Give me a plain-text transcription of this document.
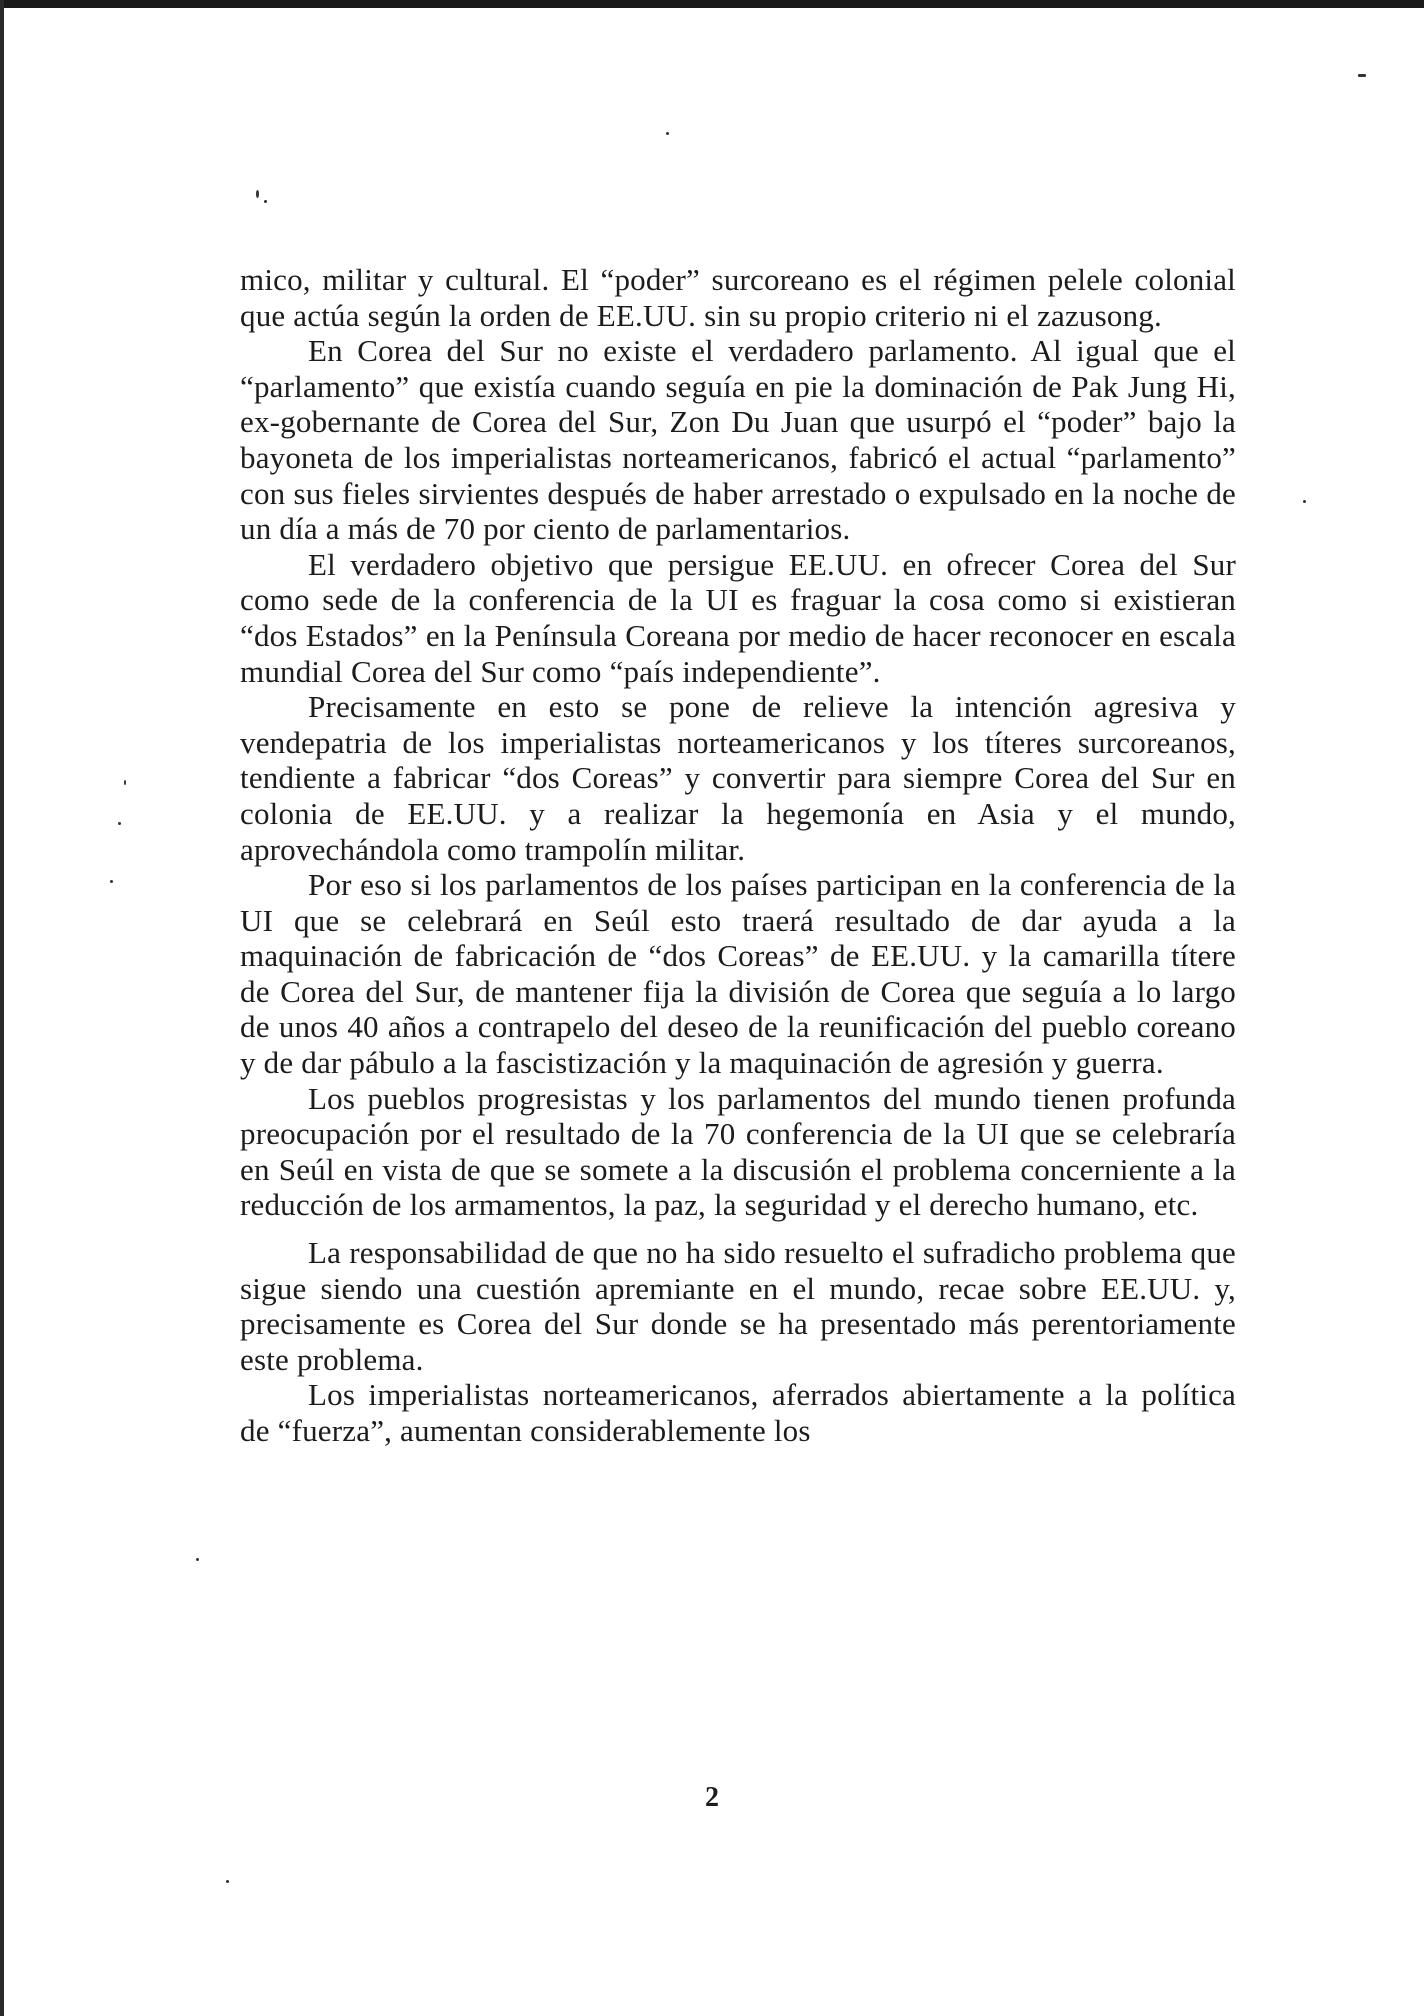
mico, militar y cultural. El “poder” surcoreano es el régimen pelele colonial que actúa según la orden de EE.UU. sin su propio criterio ni el zazusong.

En Corea del Sur no existe el verdadero parlamento. Al igual que el “parlamento” que existía cuando seguía en pie la dominación de Pak Jung Hi, ex-gobernante de Corea del Sur, Zon Du Juan que usurpó el “poder” bajo la bayoneta de los imperialistas norteamericanos, fabricó el actual “parlamento” con sus fieles sirvientes después de haber arrestado o expulsado en la noche de un día a más de 70 por ciento de parlamentarios.

El verdadero objetivo que persigue EE.UU. en ofrecer Corea del Sur como sede de la conferencia de la UI es fraguar la cosa como si existieran “dos Estados” en la Península Coreana por medio de hacer reconocer en escala mundial Corea del Sur como “país independiente”.

Precisamente en esto se pone de relieve la intención agresiva y vendepatria de los imperialistas norteamericanos y los títeres surcoreanos, tendiente a fabricar “dos Coreas” y convertir para siempre Corea del Sur en colonia de EE.UU. y a realizar la hegemonía en Asia y el mundo, aprovechándola como trampolín militar.

Por eso si los parlamentos de los países participan en la conferencia de la UI que se celebrará en Seúl esto traerá resultado de dar ayuda a la maquinación de fabricación de “dos Coreas” de EE.UU. y la camarilla títere de Corea del Sur, de mantener fija la división de Corea que seguía a lo largo de unos 40 años a contrapelo del deseo de la reunificación del pueblo coreano y de dar pábulo a la fascistización y la maquinación de agresión y guerra.

Los pueblos progresistas y los parlamentos del mundo tienen profunda preocupación por el resultado de la 70 conferencia de la UI que se celebraría en Seúl en vista de que se somete a la discusión el problema concerniente a la reducción de los armamentos, la paz, la seguridad y el derecho humano, etc.

La responsabilidad de que no ha sido resuelto el sufradicho problema que sigue siendo una cuestión apremiante en el mundo, recae sobre EE.UU. y, precisamente es Corea del Sur donde se ha presentado más perentoriamente este problema.

Los imperialistas norteamericanos, aferrados abiertamente a la política de “fuerza”, aumentan considerablemente los

2
